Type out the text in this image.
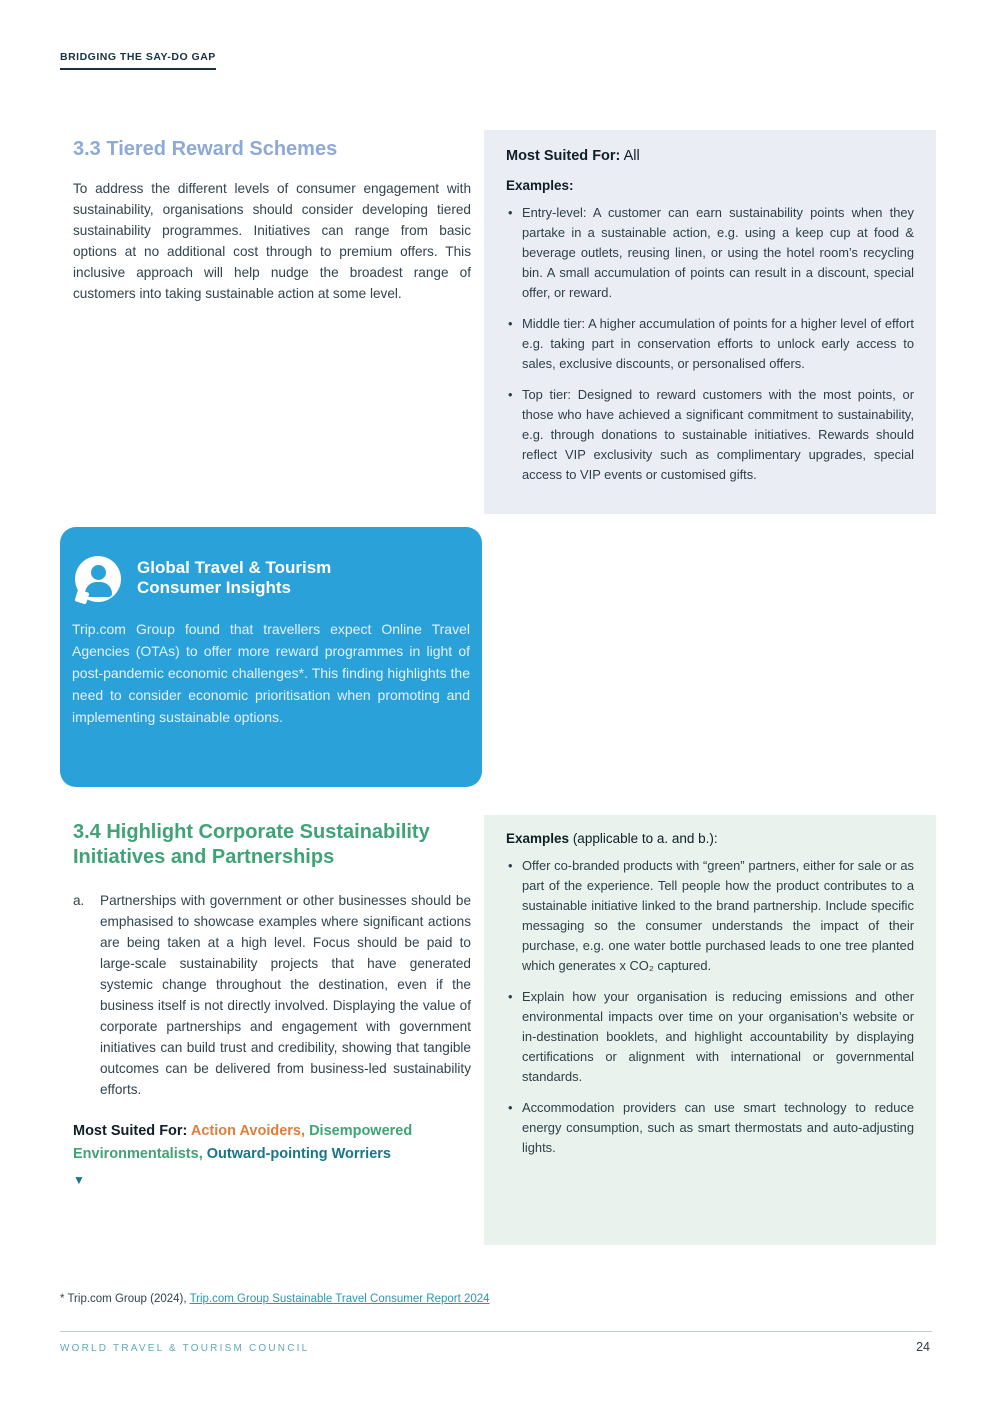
BRIDGING THE SAY-DO GAP
3.3 Tiered Reward Schemes

To address the different levels of consumer engagement with sustainability, organisations should consider developing tiered sustainability programmes. Initiatives can range from basic options at no additional cost through to premium offers. This inclusive approach will help nudge the broadest range of customers into taking sustainable action at some level.

Most Suited For: All

Examples:

• Entry-level: A customer can earn sustainability points when they partake in a sustainable action, e.g. using a keep cup at food & beverage outlets, reusing linen, or using the hotel room’s recycling bin. A small accumulation of points can result in a discount, special offer, or reward.
• Middle tier: A higher accumulation of points for a higher level of effort e.g. taking part in conservation efforts to unlock early access to sales, exclusive discounts, or personalised offers.
• Top tier: Designed to reward customers with the most points, or those who have achieved a significant commitment to sustainability, e.g. through donations to sustainable initiatives. Rewards should reflect VIP exclusivity such as complimentary upgrades, special access to VIP events or customised gifts.
Global Travel & Tourism
Consumer Insights

Trip.com Group found that travellers expect Online Travel Agencies (OTAs) to offer more reward programmes in light of post-pandemic economic challenges*. This finding highlights the need to consider economic prioritisation when promoting and implementing sustainable options.

3.4 Highlight Corporate Sustainability Initiatives and Partnerships
a.	Partnerships with government or other businesses should be emphasised to showcase examples where significant actions are being taken at a high level. Focus should be paid to large-scale sustainability projects that have generated systemic change throughout the destination, even if the business itself is not directly involved. Displaying the value of corporate partnerships and engagement with government initiatives can build trust and credibility, showing that tangible outcomes can be delivered from business-led sustainability efforts.

Most Suited For: Action Avoiders, Disempowered Environmentalists, Outward-pointing Worriers
▼

Examples (applicable to a. and b.):

• Offer co-branded products with “green” partners, either for sale or as part of the experience. Tell people how the product contributes to a sustainable initiative linked to the brand partnership. Include specific messaging so the consumer understands the impact of their purchase, e.g. one water bottle purchased leads to one tree planted which generates x CO₂ captured.
• Explain how your organisation is reducing emissions and other environmental impacts over time on your organisation’s website or in-destination booklets, and highlight accountability by displaying certifications or alignment with international or governmental standards.
• Accommodation providers can use smart technology to reduce energy consumption, such as smart thermostats and auto-adjusting lights.
* Trip.com Group (2024), Trip.com Group Sustainable Travel Consumer Report 2024
WORLD TRAVEL & TOURISM COUNCIL	24
